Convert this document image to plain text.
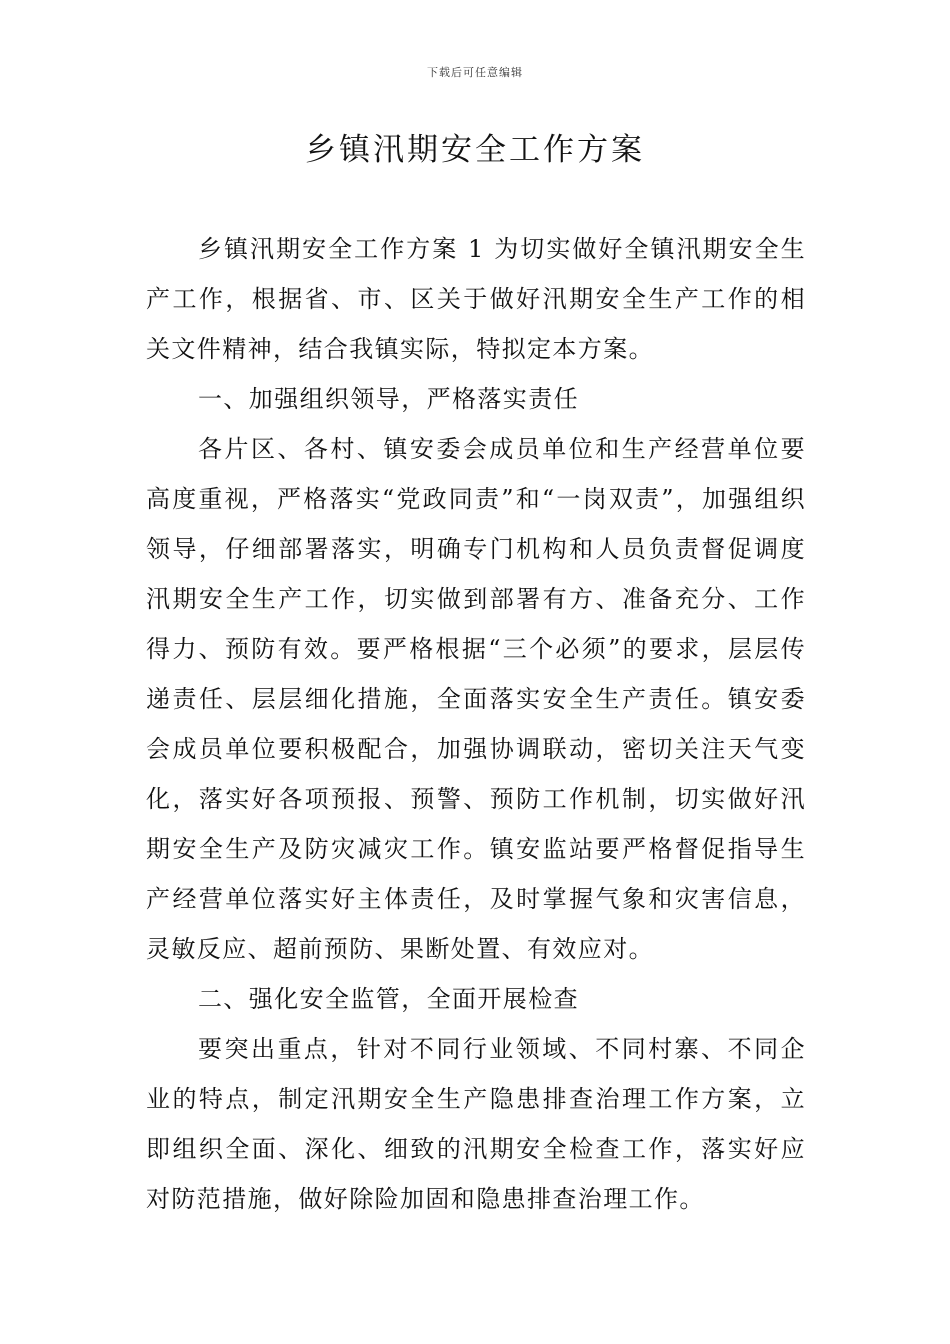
下载后可任意编辑
乡镇汛期安全工作方案

乡镇汛期安全工作方案 1 为切实做好全镇汛期安全生产工作，根据省、市、区关于做好汛期安全生产工作的相关文件精神，结合我镇实际，特拟定本方案。

一、加强组织领导，严格落实责任

各片区、各村、镇安委会成员单位和生产经营单位要高度重视，严格落实“党政同责”和“一岗双责”，加强组织领导，仔细部署落实，明确专门机构和人员负责督促调度汛期安全生产工作，切实做到部署有方、准备充分、工作得力、预防有效。要严格根据“三个必须”的要求，层层传递责任、层层细化措施，全面落实安全生产责任。镇安委会成员单位要积极配合，加强协调联动，密切关注天气变化，落实好各项预报、预警、预防工作机制，切实做好汛期安全生产及防灾减灾工作。镇安监站要严格督促指导生产经营单位落实好主体责任，及时掌握气象和灾害信息，灵敏反应、超前预防、果断处置、有效应对。

二、强化安全监管，全面开展检查

要突出重点，针对不同行业领域、不同村寨、不同企业的特点，制定汛期安全生产隐患排查治理工作方案，立即组织全面、深化、细致的汛期安全检查工作，落实好应对防范措施，做好除险加固和隐患排查治理工作。
